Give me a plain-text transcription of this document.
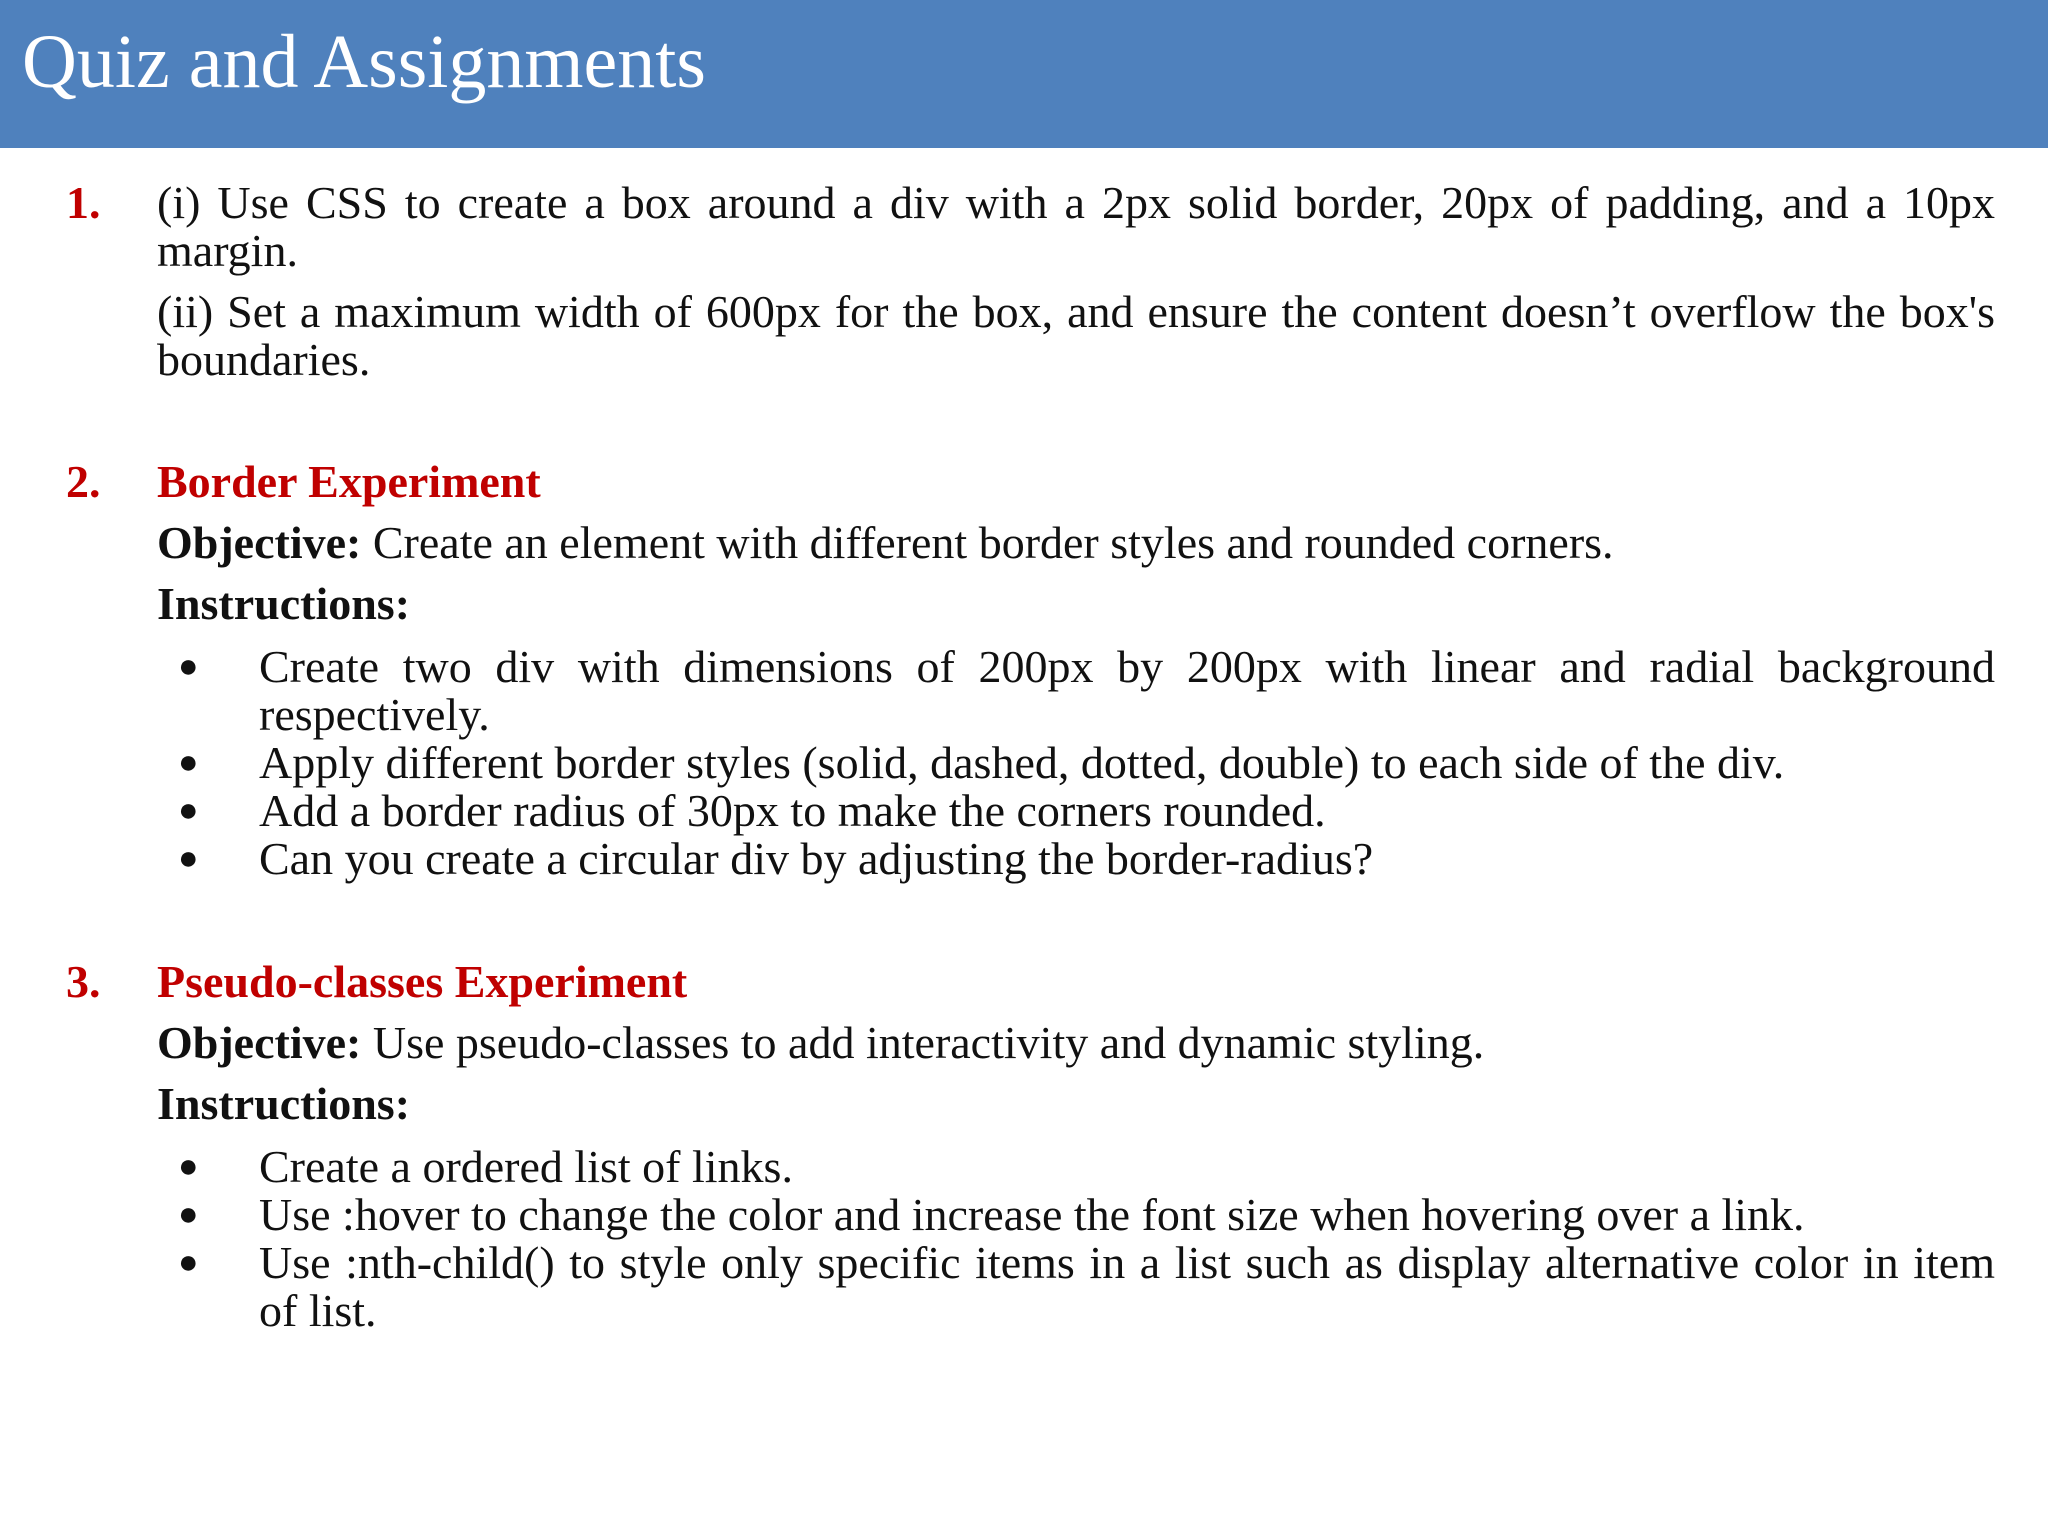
Quiz and Assignments
1. (i) Use CSS to create a box around a div with a 2px solid border, 20px of padding, and a 10px margin.
(ii) Set a maximum width of 600px for the box, and ensure the content doesn’t overflow the box's boundaries.
2. Border Experiment
Objective: Create an element with different border styles and rounded corners.
Instructions:
● Create two div with dimensions of 200px by 200px with linear and radial background respectively.
● Apply different border styles (solid, dashed, dotted, double) to each side of the div.
● Add a border radius of 30px to make the corners rounded.
● Can you create a circular div by adjusting the border-radius?
3. Pseudo-classes Experiment
Objective: Use pseudo-classes to add interactivity and dynamic styling.
Instructions:
● Create a ordered list of links.
● Use :hover to change the color and increase the font size when hovering over a link.
● Use :nth-child() to style only specific items in a list such as display alternative color in item of list.
